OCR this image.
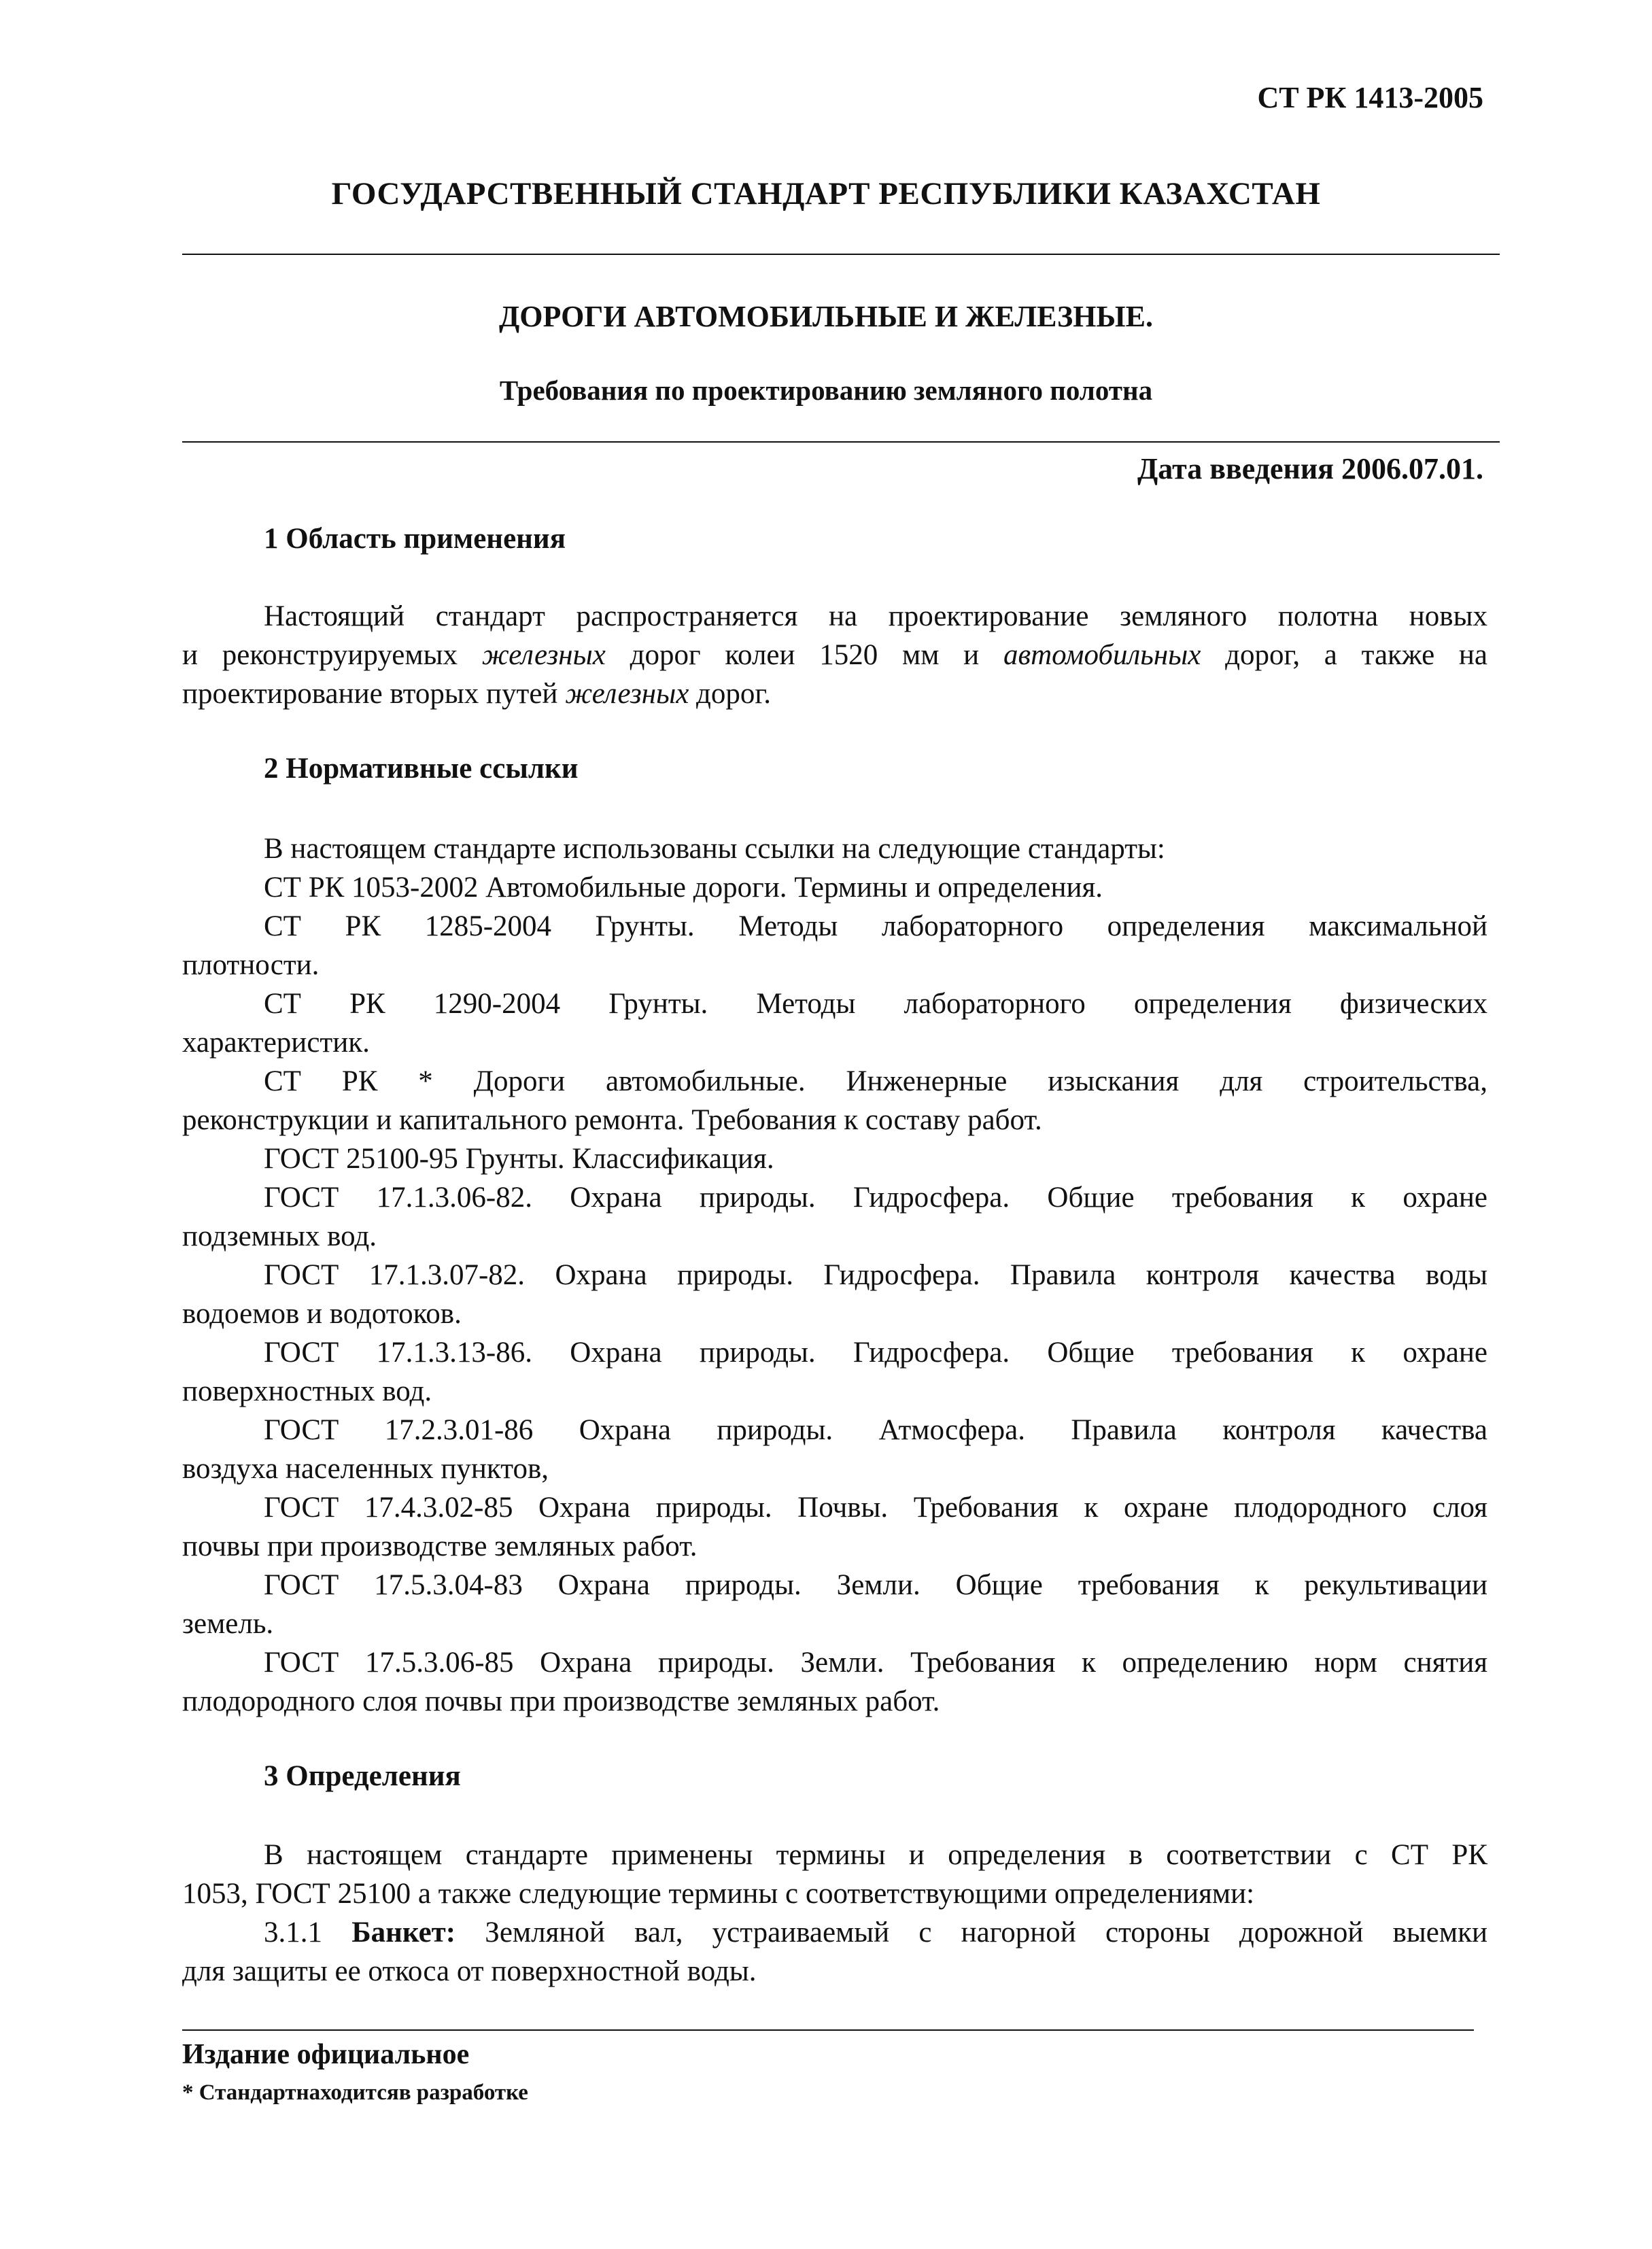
СТ РК 1413-2005
ГОСУДАРСТВЕННЫЙ СТАНДАРТ РЕСПУБЛИКИ КАЗАХСТАН
ДОРОГИ АВТОМОБИЛЬНЫЕ И ЖЕЛЕЗНЫЕ.
Требования по проектированию земляного полотна
Дата введения 2006.07.01.
1 Область применения
Настоящий стандарт распространяется на проектирование земляного полотна новых
и реконструируемых железных дорог колеи 1520 мм и автомобильных дорог, а также на
проектирование вторых путей железных дорог.
2 Нормативные ссылки
В настоящем стандарте использованы ссылки на следующие стандарты:
СТ РК 1053-2002 Автомобильные дороги. Термины и определения.
СТ РК 1285-2004 Грунты. Методы лабораторного определения максимальной
плотности.
СТ РК 1290-2004 Грунты. Методы лабораторного определения физических
характеристик.
СТ РК * Дороги автомобильные. Инженерные изыскания для строительства,
реконструкции и капитального ремонта. Требования к составу работ.
ГОСТ 25100-95 Грунты. Классификация.
ГОСТ 17.1.3.06-82. Охрана природы. Гидросфера. Общие требования к охране
подземных вод.
ГОСТ 17.1.3.07-82. Охрана природы. Гидросфера. Правила контроля качества воды
водоемов и водотоков.
ГОСТ 17.1.3.13-86. Охрана природы. Гидросфера. Общие требования к охране
поверхностных вод.
ГОСТ 17.2.3.01-86 Охрана природы. Атмосфера. Правила контроля качества
воздуха населенных пунктов,
ГОСТ 17.4.3.02-85 Охрана природы. Почвы. Требования к охране плодородного слоя
почвы при производстве земляных работ.
ГОСТ 17.5.3.04-83 Охрана природы. Земли. Общие требования к рекультивации
земель.
ГОСТ 17.5.3.06-85 Охрана природы. Земли. Требования к определению норм снятия
плодородного слоя почвы при производстве земляных работ.
3 Определения
В настоящем стандарте применены термины и определения в соответствии с СТ РК
1053, ГОСТ 25100 а также следующие термины с соответствующими определениями:
3.1.1 Банкет: Земляной вал, устраиваемый с нагорной стороны дорожной выемки
для защиты ее откоса от поверхностной воды.
Издание официальное
* Стандартнаходитсяв разработке
